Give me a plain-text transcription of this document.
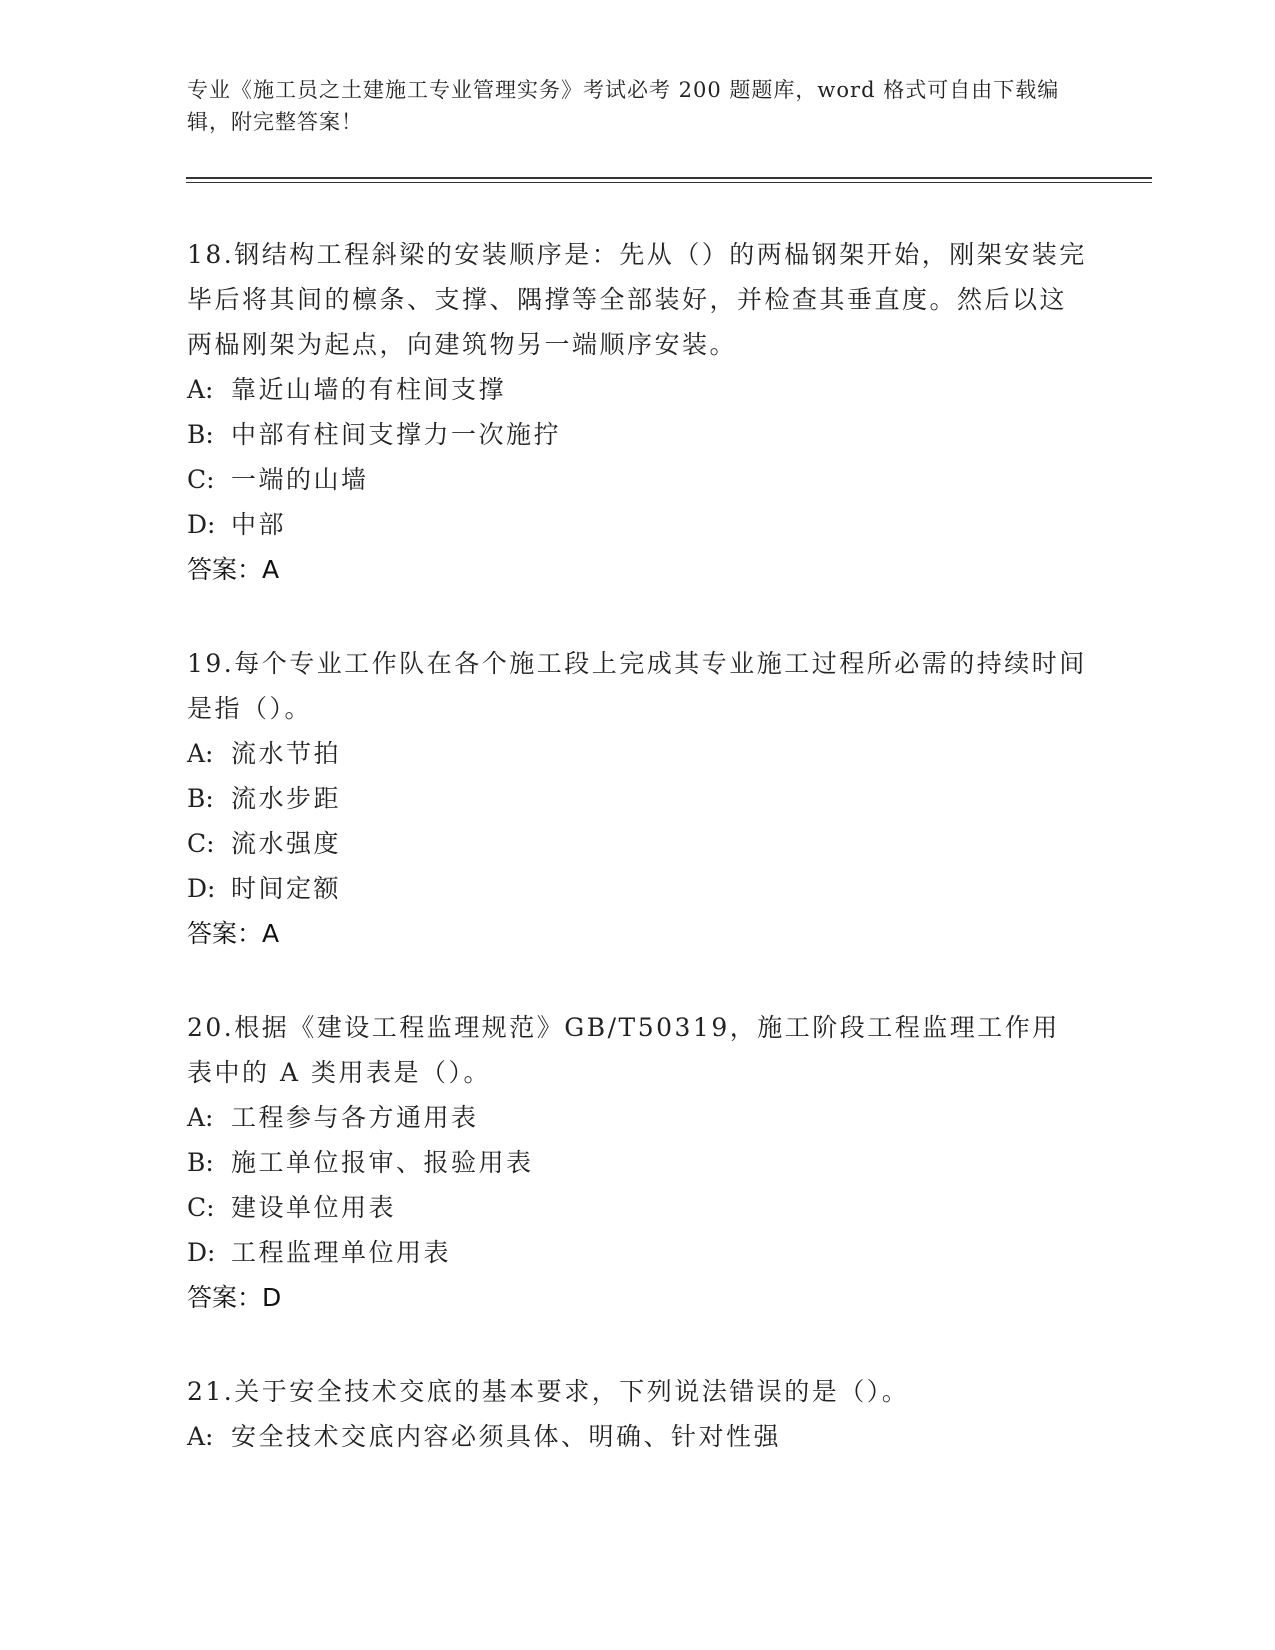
专业《施工员之土建施工专业管理实务》考试必考 200 题题库，word 格式可自由下载编辑，附完整答案！
18.钢结构工程斜梁的安装顺序是：先从（）的两榀钢架开始，刚架安装完毕后将其间的檩条、支撑、隅撑等全部装好，并检查其垂直度。然后以这两榀刚架为起点，向建筑物另一端顺序安装。
A: 靠近山墙的有柱间支撑
B: 中部有柱间支撑力一次施拧
C: 一端的山墙
D: 中部
答案：A
19.每个专业工作队在各个施工段上完成其专业施工过程所必需的持续时间是指（）。
A: 流水节拍
B: 流水步距
C: 流水强度
D: 时间定额
答案：A
20.根据《建设工程监理规范》GB/T50319，施工阶段工程监理工作用表中的 A 类用表是（）。
A: 工程参与各方通用表
B: 施工单位报审、报验用表
C: 建设单位用表
D: 工程监理单位用表
答案：D
21.关于安全技术交底的基本要求，下列说法错误的是（）。
A: 安全技术交底内容必须具体、明确、针对性强
